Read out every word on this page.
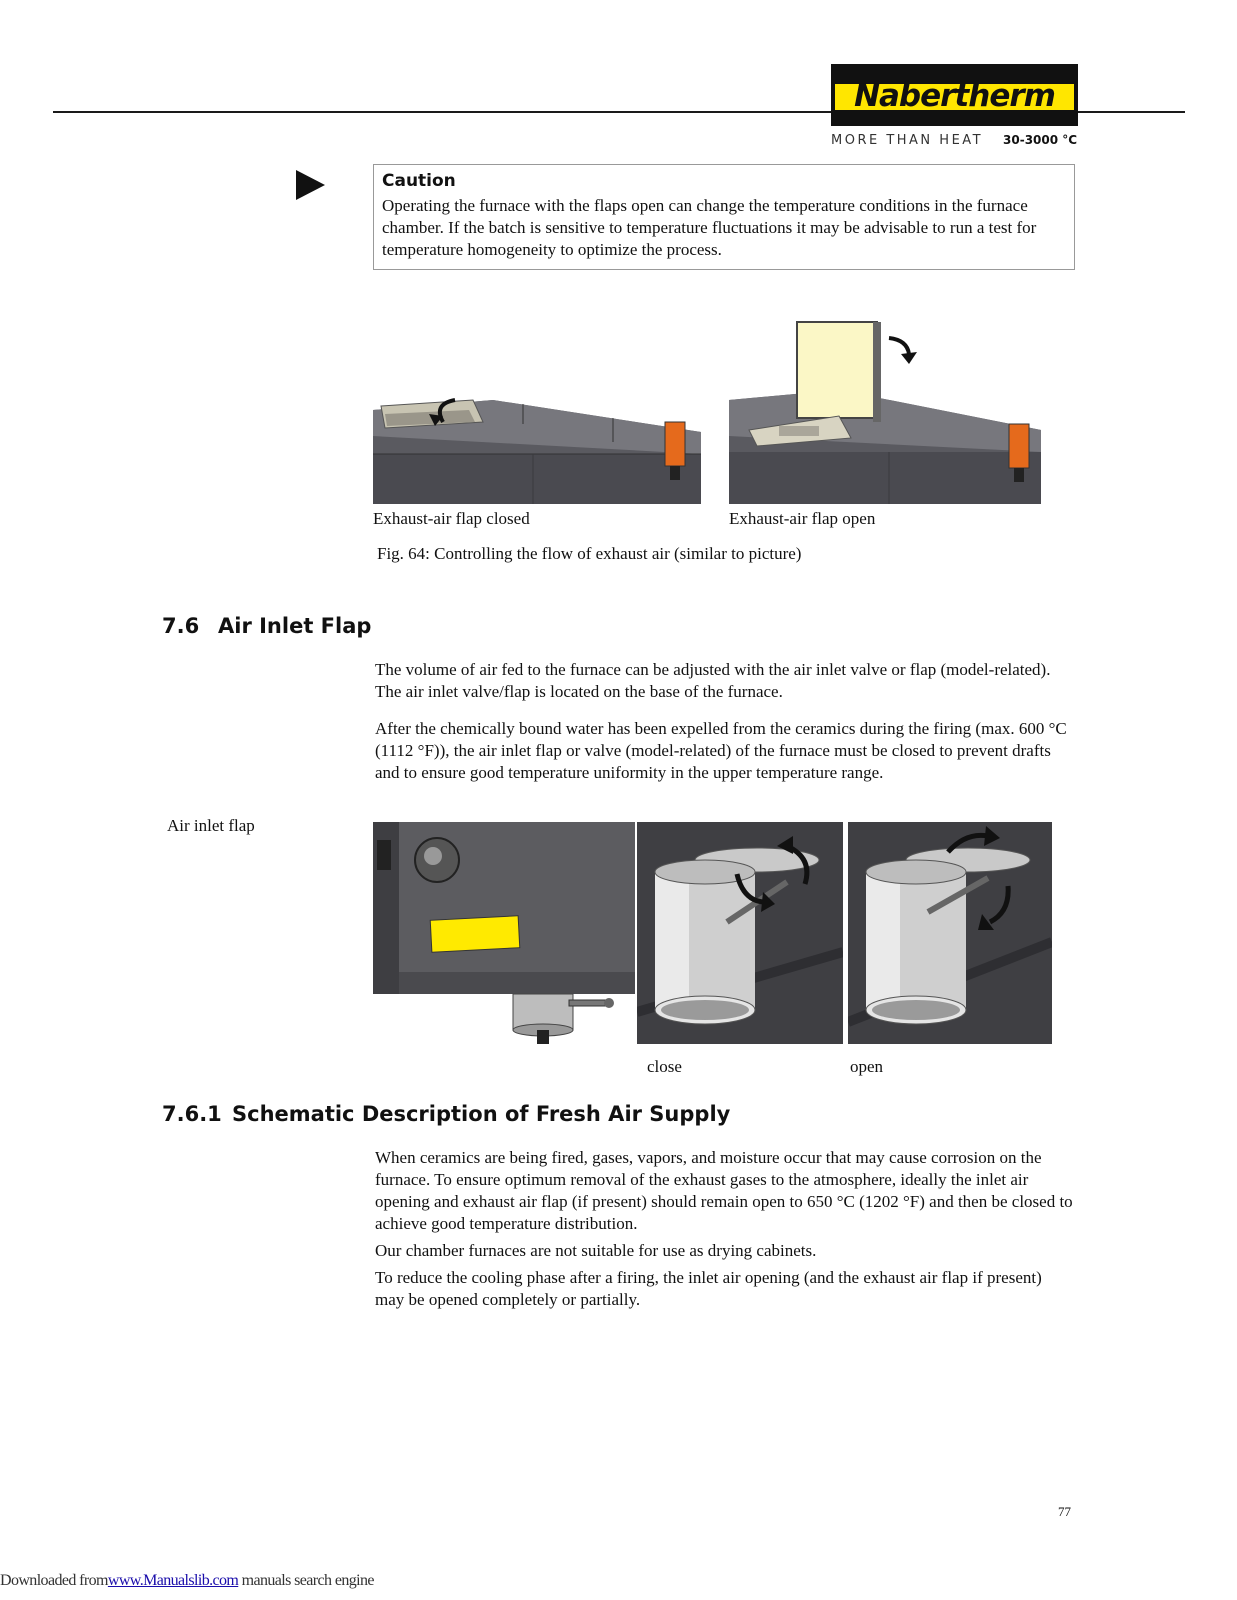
Nabertherm
MORE THAN HEAT 30-3000 °C

Caution

Operating the furnace with the flaps open can change the temperature conditions in the furnace chamber. If the batch is sensitive to temperature fluctuations it may be advisable to run a test for temperature homogeneity to optimize the process.

Exhaust-air flap closed	Exhaust-air flap open
Fig. 64: Controlling the flow of exhaust air (similar to picture)
7.6 Air Inlet Flap

The volume of air fed to the furnace can be adjusted with the air inlet valve or flap (model-related). The air inlet valve/flap is located on the base of the furnace.

After the chemically bound water has been expelled from the ceramics during the firing (max. 600 °C (1112 °F)), the air inlet flap or valve (model-related) of the furnace must be closed to prevent drafts and to ensure good temperature uniformity in the upper temperature range.

Air inlet flap
close	open
7.6.1 Schematic Description of Fresh Air Supply

When ceramics are being fired, gases, vapors, and moisture occur that may cause corrosion on the furnace. To ensure optimum removal of the exhaust gases to the atmosphere, ideally the inlet air opening and exhaust air flap (if present) should remain open to 650 °C (1202 °F) and then be closed to achieve good temperature distribution.

Our chamber furnaces are not suitable for use as drying cabinets.

To reduce the cooling phase after a firing, the inlet air opening (and the exhaust air flap if present) may be opened completely or partially.

77
Downloaded fromwww.Manualslib.com manuals search engine
